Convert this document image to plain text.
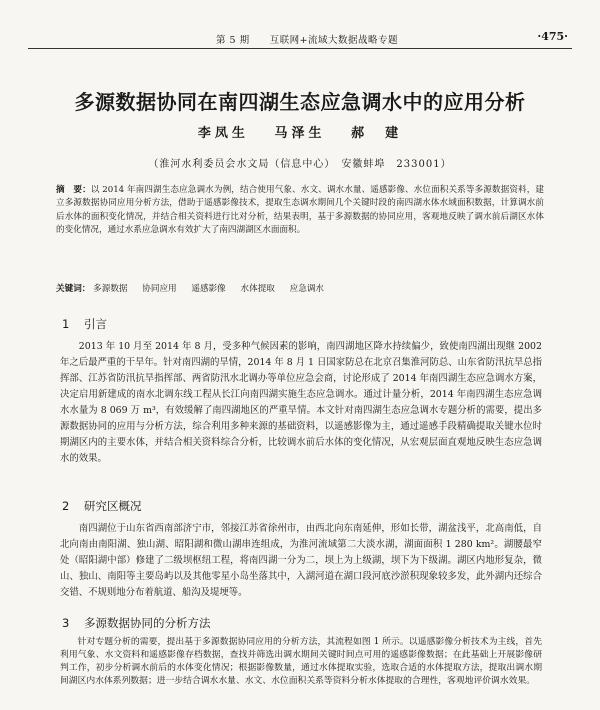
第 5 期　　互联网+流域大数据战略专题	·475·
多源数据协同在南四湖生态应急调水中的应用分析
李凤生 马泽生 郝　建
（淮河水利委员会水文局（信息中心）　安徽蚌埠　233001）
摘　要：以 2014 年南四湖生态应急调水为例，结合使用气象、水文、调水水量、遥感影像、水位面积关系等多源数据资料，建立多源数据协同应用分析方法，借助于遥感影像技术，提取生态调水期间几个关键时段的南四湖水体水域面积数据，计算调水前后水体的面积变化情况，并结合相关资料进行比对分析，结果表明，基于多源数据的协同应用，客观地反映了调水前后湖区水体的变化情况，通过水系应急调水有效扩大了南四湖湖区水面面积。
关键词： 多源数据 协同应用 遥感影像 水体提取 应急调水
1 引言
2013 年 10 月至 2014 年 8 月，受多种气候因素的影响，南四湖地区降水持续偏少，致使南四湖出现继 2002 年之后最严重的干旱年。针对南四湖的旱情，2014 年 8 月 1 日国家防总在北京召集淮河防总、山东省防汛抗旱总指挥部、江苏省防汛抗旱指挥部、两省防汛水北调办等单位应急会商，讨论形成了 2014 年南四湖生态应急调水方案，决定启用新建成的南水北调东线工程从长江向南四湖实施生态应急调水。通过计量分析，2014 年南四湖生态应急调水水量为 8 069 万 m³，有效缓解了南四湖地区的严重旱情。本文针对南四湖生态应急调水专题分析的需要，提出多源数据协同的应用与分析方法，综合利用多种来源的基础资料，以遥感影像为主，通过遥感手段精确提取关键水位时期湖区内的主要水体，并结合相关资料综合分析，比较调水前后水体的变化情况，从宏观层面直观地反映生态应急调水的效果。
2 研究区概况
南四湖位于山东省西南部济宁市，邻接江苏省徐州市，由西北向东南延伸，形如长带，湖盆浅平，北高南低，自北向南由南阳湖、独山湖、昭阳湖和微山湖串连组成，为淮河流域第二大淡水湖，湖面面积 1 280 km²。湖腰最窄处（昭阳湖中部）修建了二级坝枢纽工程，将南四湖一分为二，坝上为上级湖，坝下为下级湖。湖区内地形复杂，微山、独山、南阳等主要岛屿以及其他零星小岛坐落其中，入湖河道在湖口段河底沙淤积现象较多发，此外湖内还综合交错、不规则地分布着航道、船沟及堤埂等。
3 多源数据协同的分析方法
针对专题分析的需要，提出基于多源数据协同应用的分析方法，其流程如图 1 所示。以遥感影像分析技术为主线，首先利用气象、水文资料和遥感影像存档数据，查找并筛选出调水期间关键时间点可用的遥感影像数据；在此基础上开展影像研判工作，初步分析调水前后的水体变化情况；根据影像数量，通过水体提取实验，选取合适的水体提取方法，提取出调水期间湖区内水体系列数据；进一步结合调水水量、水文、水位面积关系等资料分析水体提取的合理性，客观地评价调水效果。
